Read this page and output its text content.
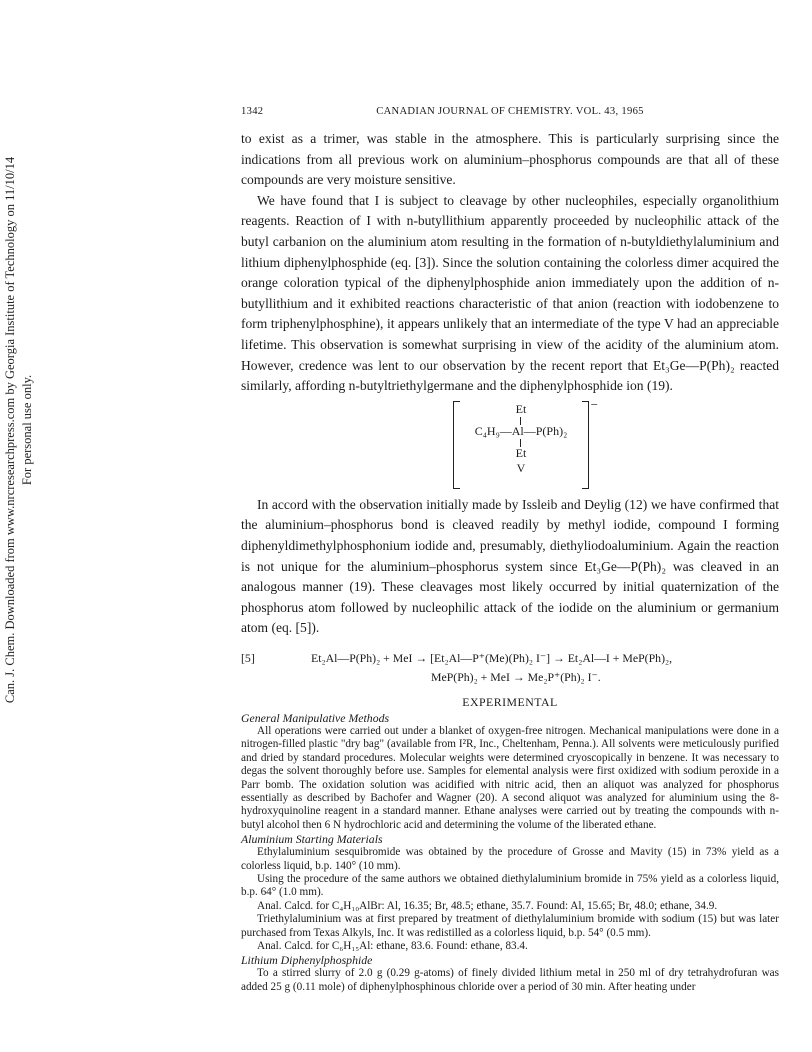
Can. J. Chem. Downloaded from www.nrcresearchpress.com by Georgia Institute of Technology on 11/10/14 For personal use only.
1342	CANADIAN JOURNAL OF CHEMISTRY. VOL. 43, 1965

to exist as a trimer, was stable in the atmosphere. This is particularly surprising since the indications from all previous work on aluminium–phosphorus compounds are that all of these compounds are very moisture sensitive.

We have found that I is subject to cleavage by other nucleophiles, especially organolithium reagents. Reaction of I with n-butyllithium apparently proceeded by nucleophilic attack of the butyl carbanion on the aluminium atom resulting in the formation of n-butyldiethylaluminium and lithium diphenylphosphide (eq. [3]). Since the solution containing the colorless dimer acquired the orange coloration typical of the diphenylphosphide anion immediately upon the addition of n-butyllithium and it exhibited reactions characteristic of that anion (reaction with iodobenzene to form triphenylphosphine), it appears unlikely that an intermediate of the type V had an appreciable lifetime. This observation is somewhat surprising in view of the acidity of the aluminium atom. However, credence was lent to our observation by the recent report that Et₃Ge—P(Ph)₂ reacted similarly, affording n-butyltriethylgermane and the diphenylphosphide ion (19).

−
Et
C₄H₉—Al—P(Ph)₂
Et
V

In accord with the observation initially made by Issleib and Deylig (12) we have confirmed that the aluminium–phosphorus bond is cleaved readily by methyl iodide, compound I forming diphenyldimethylphosphonium iodide and, presumably, diethyliodoaluminium. Again the reaction is not unique for the aluminium–phosphorus system since Et₃Ge—P(Ph)₂ was cleaved in an analogous manner (19). These cleavages most likely occurred by initial quaternization of the phosphorus atom followed by nucleophilic attack of the iodide on the aluminium or germanium atom (eq. [5]).

[5]	Et₂Al—P(Ph)₂ + MeI → [Et₂Al—P⁺(Me)(Ph)₂ I⁻] → Et₂Al—I + MeP(Ph)₂,
MeP(Ph)₂ + MeI → Me₂P⁺(Ph)₂ I⁻.
EXPERIMENTAL
General Manipulative Methods

All operations were carried out under a blanket of oxygen-free nitrogen. Mechanical manipulations were done in a nitrogen-filled plastic "dry bag" (available from I²R, Inc., Cheltenham, Penna.). All solvents were meticulously purified and dried by standard procedures. Molecular weights were determined cryoscopically in benzene. It was necessary to degas the solvent thoroughly before use. Samples for elemental analysis were first oxidized with sodium peroxide in a Parr bomb. The oxidation solution was acidified with nitric acid, then an aliquot was analyzed for phosphorus essentially as described by Bachofer and Wagner (20). A second aliquot was analyzed for aluminium using the 8-hydroxyquinoline reagent in a standard manner. Ethane analyses were carried out by treating the compounds with n-butyl alcohol then 6 N hydrochloric acid and determining the volume of the liberated ethane.

Aluminium Starting Materials

Ethylaluminium sesquibromide was obtained by the procedure of Grosse and Mavity (15) in 73% yield as a colorless liquid, b.p. 140° (10 mm).

Using the procedure of the same authors we obtained diethylaluminium bromide in 75% yield as a colorless liquid, b.p. 64° (1.0 mm).

Anal. Calcd. for C₄H₁₀AlBr: Al, 16.35; Br, 48.5; ethane, 35.7. Found: Al, 15.65; Br, 48.0; ethane, 34.9.

Triethylaluminium was at first prepared by treatment of diethylaluminium bromide with sodium (15) but was later purchased from Texas Alkyls, Inc. It was redistilled as a colorless liquid, b.p. 54° (0.5 mm).

Anal. Calcd. for C₆H₁₅Al: ethane, 83.6. Found: ethane, 83.4.

Lithium Diphenylphosphide

To a stirred slurry of 2.0 g (0.29 g-atoms) of finely divided lithium metal in 250 ml of dry tetrahydrofuran was added 25 g (0.11 mole) of diphenylphosphinous chloride over a period of 30 min. After heating under
